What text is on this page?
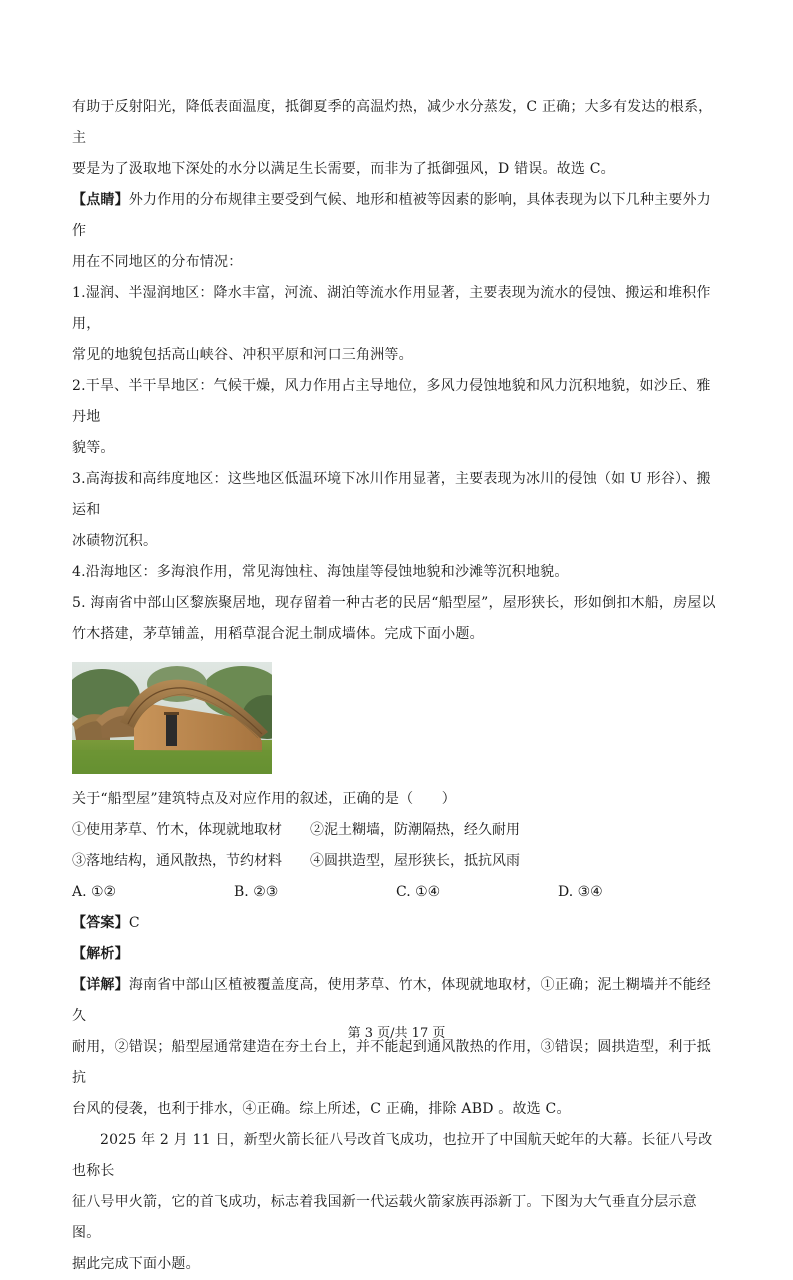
有助于反射阳光，降低表面温度，抵御夏季的高温灼热，减少水分蒸发，C 正确；大多有发达的根系，主

要是为了汲取地下深处的水分以满足生长需要，而非为了抵御强风，D 错误。故选 C。

【点睛】外力作用的分布规律主要受到气候、地形和植被等因素的影响，具体表现为以下几种主要外力作

用在不同地区的分布情况：

1.湿润、半湿润地区：降水丰富，河流、湖泊等流水作用显著，主要表现为流水的侵蚀、搬运和堆积作用，

常见的地貌包括高山峡谷、冲积平原和河口三角洲等。

2.干旱、半干旱地区：气候干燥，风力作用占主导地位，多风力侵蚀地貌和风力沉积地貌，如沙丘、雅丹地

貌等。

3.高海拔和高纬度地区：这些地区低温环境下冰川作用显著，主要表现为冰川的侵蚀（如 U 形谷）、搬运和

冰碛物沉积。

4.沿海地区：多海浪作用，常见海蚀柱、海蚀崖等侵蚀地貌和沙滩等沉积地貌。

5. 海南省中部山区黎族聚居地，现存留着一种古老的民居“船型屋”，屋形狭长，形如倒扣木船，房屋以

竹木搭建，茅草铺盖，用稻草混合泥土制成墙体。完成下面小题。

关于“船型屋”建筑特点及对应作用的叙述，正确的是（　　）

①使用茅草、竹木，体现就地取材	②泥土糊墙，防潮隔热，经久耐用
③落地结构，通风散热，节约材料	④圆拱造型，屋形狭长，抵抗风雨
A. ①②	B. ②③	C. ①④	D. ③④

【答案】C

【解析】

【详解】海南省中部山区植被覆盖度高，使用茅草、竹木，体现就地取材，①正确；泥土糊墙并不能经久

耐用，②错误；船型屋通常建造在夯土台上，并不能起到通风散热的作用，③错误；圆拱造型，利于抵抗

台风的侵袭，也利于排水，④正确。综上所述，C 正确，排除 ABD 。故选 C。

2025 年 2 月 11 日，新型火箭长征八号改首飞成功，也拉开了中国航天蛇年的大幕。长征八号改也称长

征八号甲火箭，它的首飞成功，标志着我国新一代运载火箭家族再添新丁。下图为大气垂直分层示意图。

据此完成下面小题。

第 3 页/共 17 页
